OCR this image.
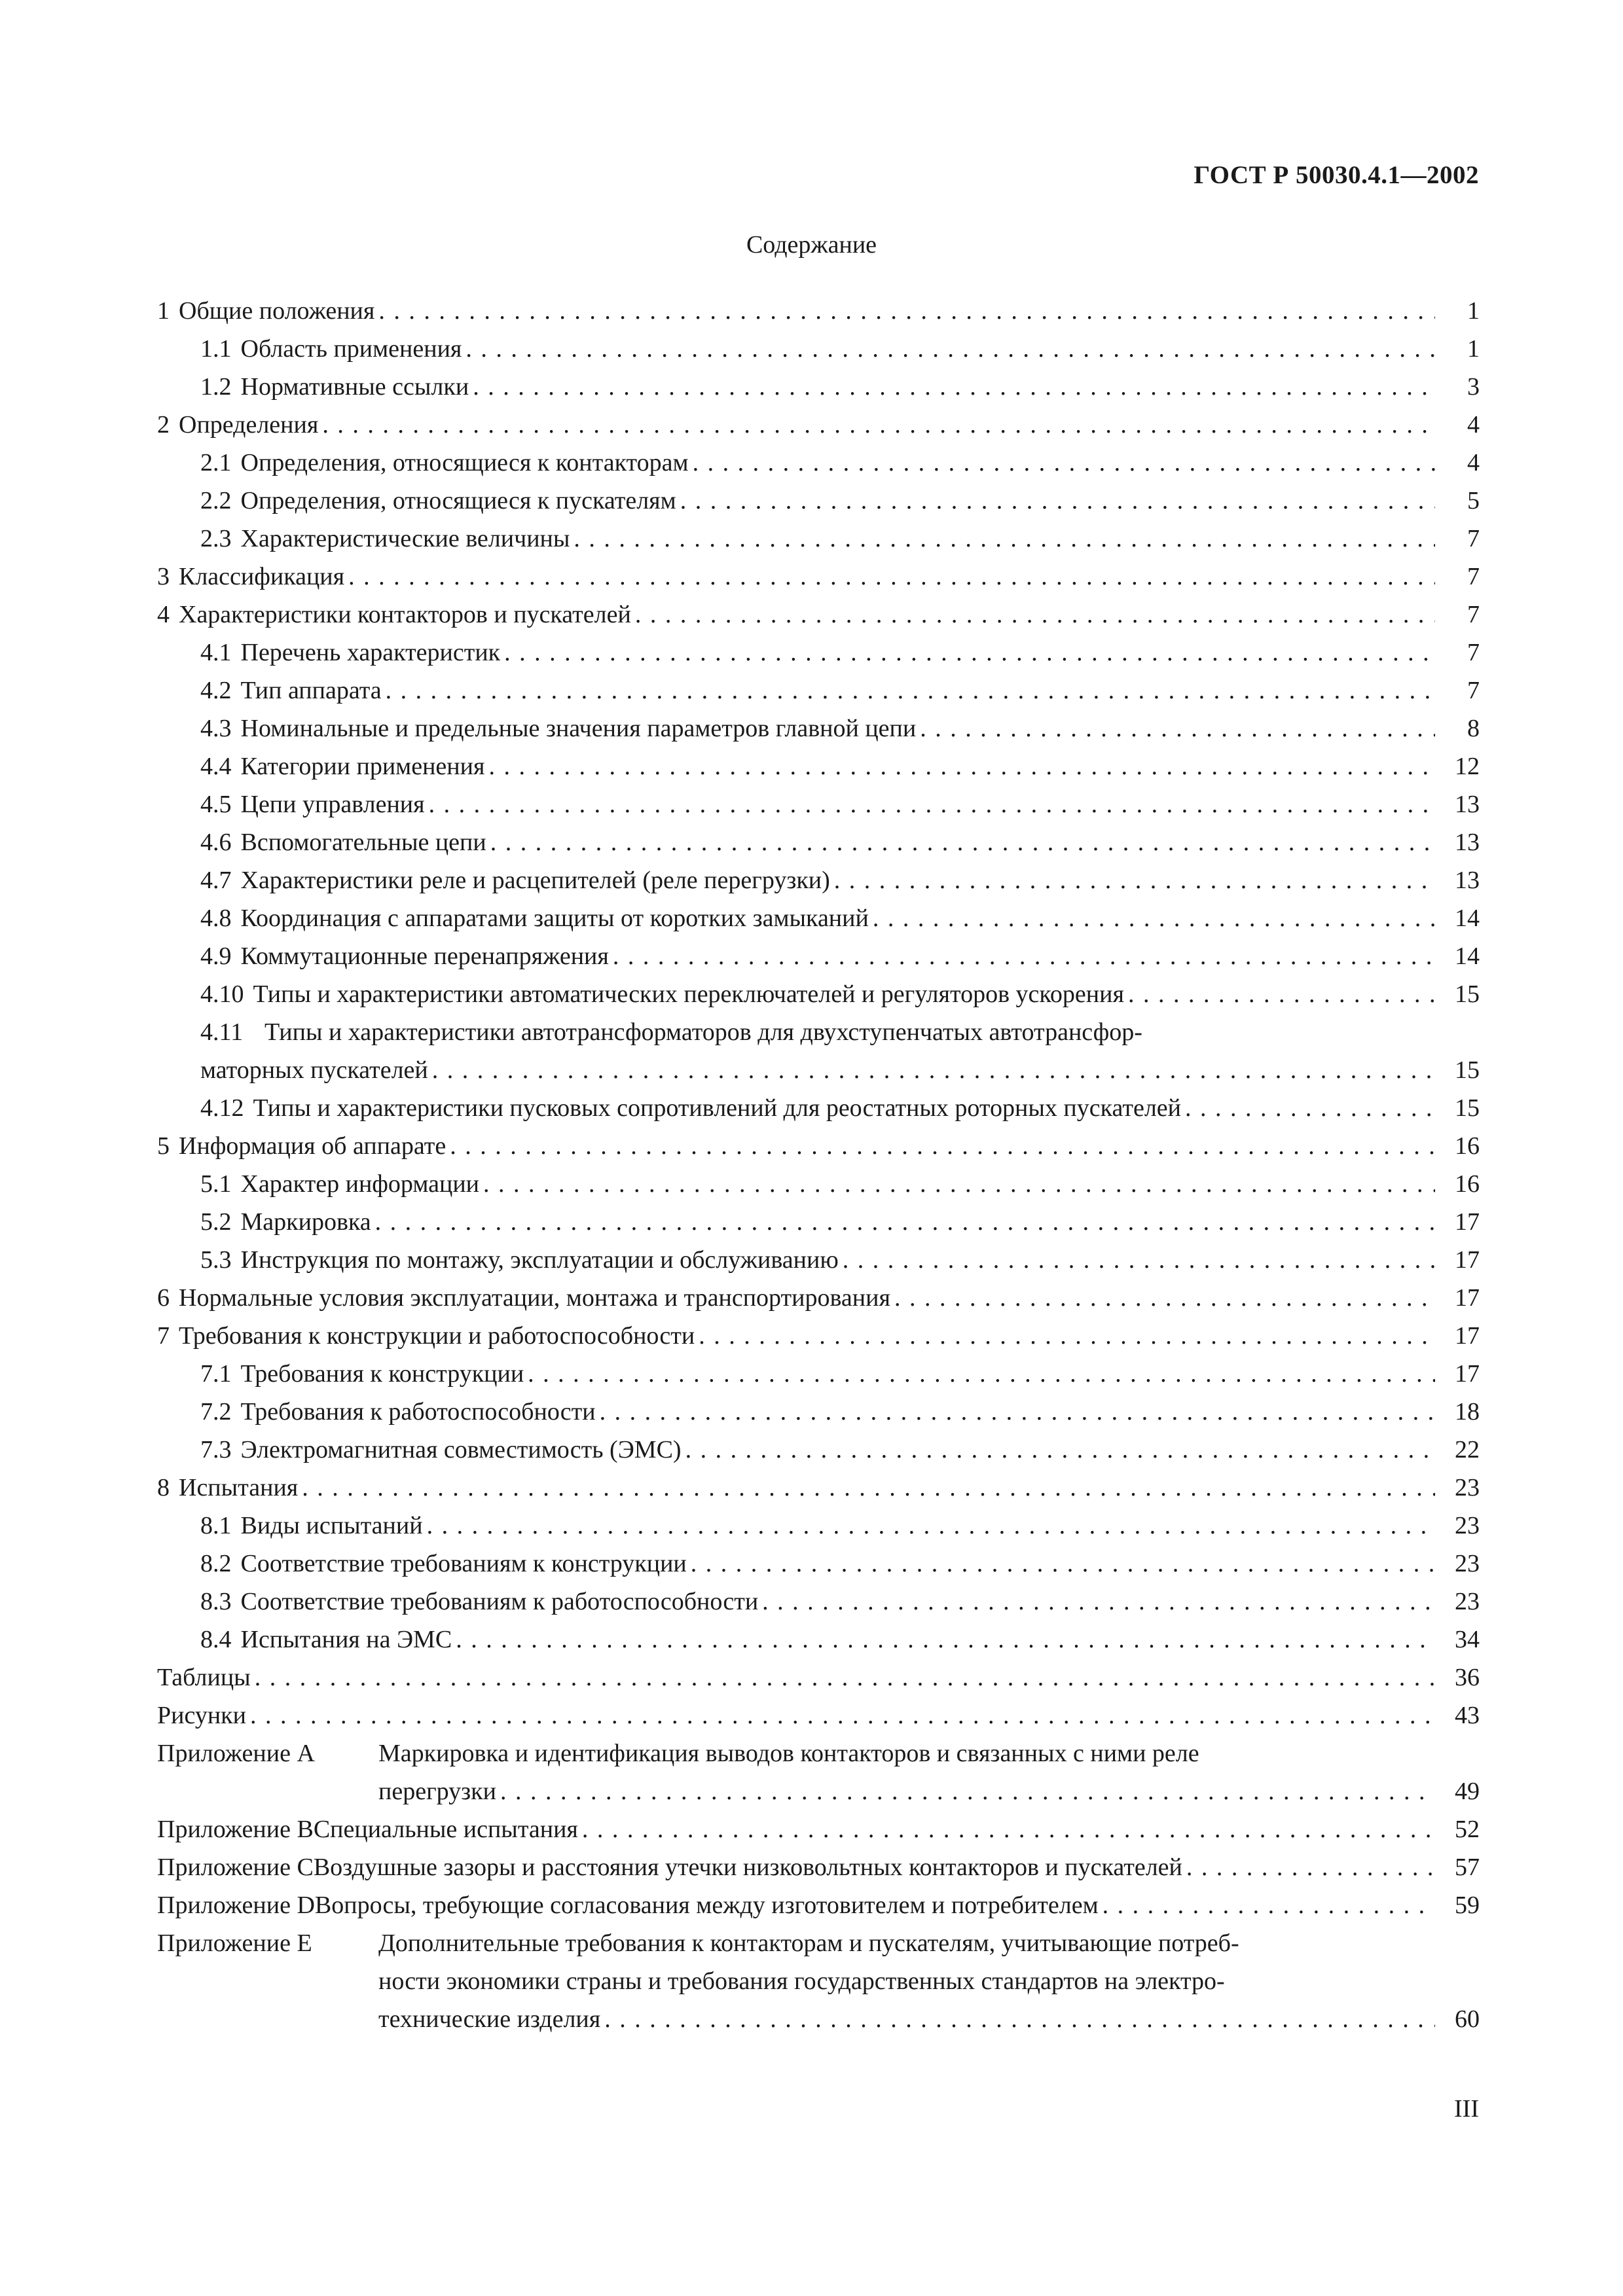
ГОСТ Р 50030.4.1—2002
Содержание
1 Общие положения . . .	1
1.1 Область применения . . .	1
1.2 Нормативные ссылки . . .	3
2 Определения . . .	4
2.1 Определения, относящиеся к контакторам . . .	4
2.2 Определения, относящиеся к пускателям . . .	5
2.3 Характеристические величины . . .	7
3 Классификация . . .	7
4 Характеристики контакторов и пускателей . . .	7
4.1 Перечень характеристик . . .	7
4.2 Тип аппарата . . .	7
4.3 Номинальные и предельные значения параметров главной цепи . . .	8
4.4 Категории применения . . .	12
4.5 Цепи управления . . .	13
4.6 Вспомогательные цепи . . .	13
4.7 Характеристики реле и расцепителей (реле перегрузки) . . .	13
4.8 Координация с аппаратами защиты от коротких замыканий . . .	14
4.9 Коммутационные перенапряжения . . .	14
4.10 Типы и характеристики автоматических переключателей и регуляторов ускорения . . .	15
4.11 Типы и характеристики автотрансформаторов для двухступенчатых автотрансфор-
маторных пускателей . . .	15
4.12 Типы и характеристики пусковых сопротивлений для реостатных роторных пускателей . . .	15
5 Информация об аппарате . . .	16
5.1 Характер информации . . .	16
5.2 Маркировка . . .	17
5.3 Инструкция по монтажу, эксплуатации и обслуживанию . . .	17
6 Нормальные условия эксплуатации, монтажа и транспортирования . . .	17
7 Требования к конструкции и работоспособности . . .	17
7.1 Требования к конструкции . . .	17
7.2 Требования к работоспособности . . .	18
7.3 Электромагнитная совместимость (ЭМС) . . .	22
8 Испытания . . .	23
8.1 Виды испытаний . . .	23
8.2 Соответствие требованиям к конструкции . . .	23
8.3 Соответствие требованиям к работоспособности . . .	23
8.4 Испытания на ЭМС . . .	34
Таблицы . . .	36
Рисунки . . .	43
Приложение A	Маркировка и идентификация выводов контакторов и связанных с ними реле
перегрузки . . .	49
Приложение B Специальные испытания . . .	52
Приложение C Воздушные зазоры и расстояния утечки низковольтных контакторов и пускателей . . .	57
Приложение D Вопросы, требующие согласования между изготовителем и потребителем . . .	59
Приложение E	Дополнительные требования к контакторам и пускателям, учитывающие потреб-
ности экономики страны и требования государственных стандартов на электро-
технические изделия . . .	60
III
